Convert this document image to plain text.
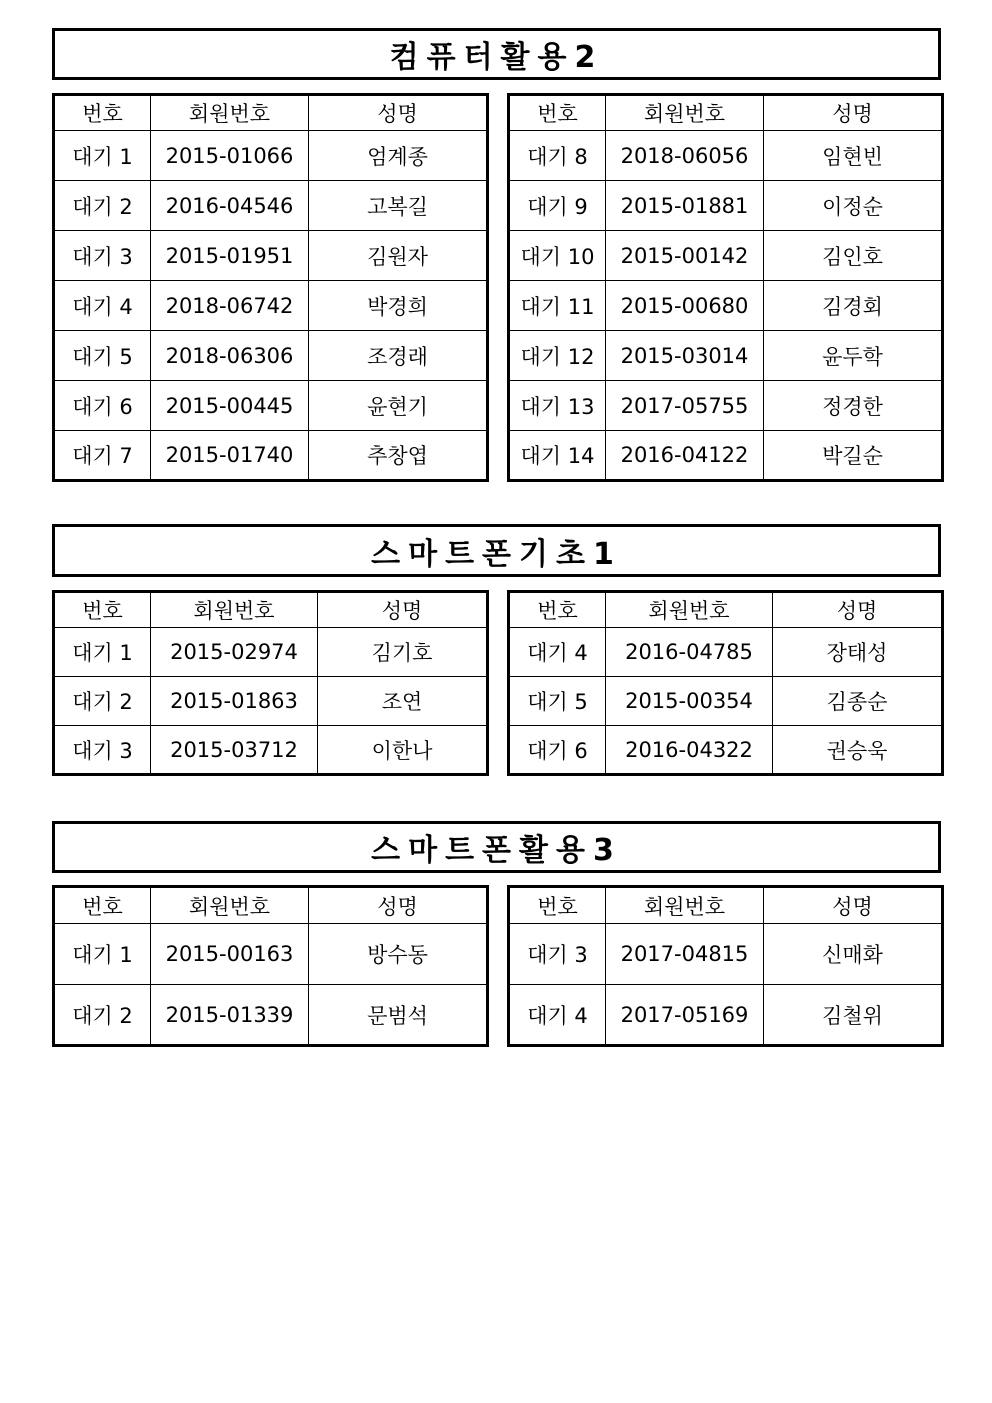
컴퓨터활용2
번호	회원번호	성명
대기 1	2015-01066	엄계종
대기 2	2016-04546	고복길
대기 3	2015-01951	김원자
대기 4	2018-06742	박경희
대기 5	2018-06306	조경래
대기 6	2015-00445	윤현기
대기 7	2015-01740	추창엽
번호	회원번호	성명
대기 8	2018-06056	임현빈
대기 9	2015-01881	이정순
대기 10	2015-00142	김인호
대기 11	2015-00680	김경회
대기 12	2015-03014	윤두학
대기 13	2017-05755	정경한
대기 14	2016-04122	박길순
스마트폰기초1
번호	회원번호	성명
대기 1	2015-02974	김기호
대기 2	2015-01863	조연
대기 3	2015-03712	이한나
번호	회원번호	성명
대기 4	2016-04785	장태성
대기 5	2015-00354	김종순
대기 6	2016-04322	권승욱
스마트폰활용3
번호	회원번호	성명
대기 1	2015-00163	방수동
대기 2	2015-01339	문범석
번호	회원번호	성명
대기 3	2017-04815	신매화
대기 4	2017-05169	김철위
